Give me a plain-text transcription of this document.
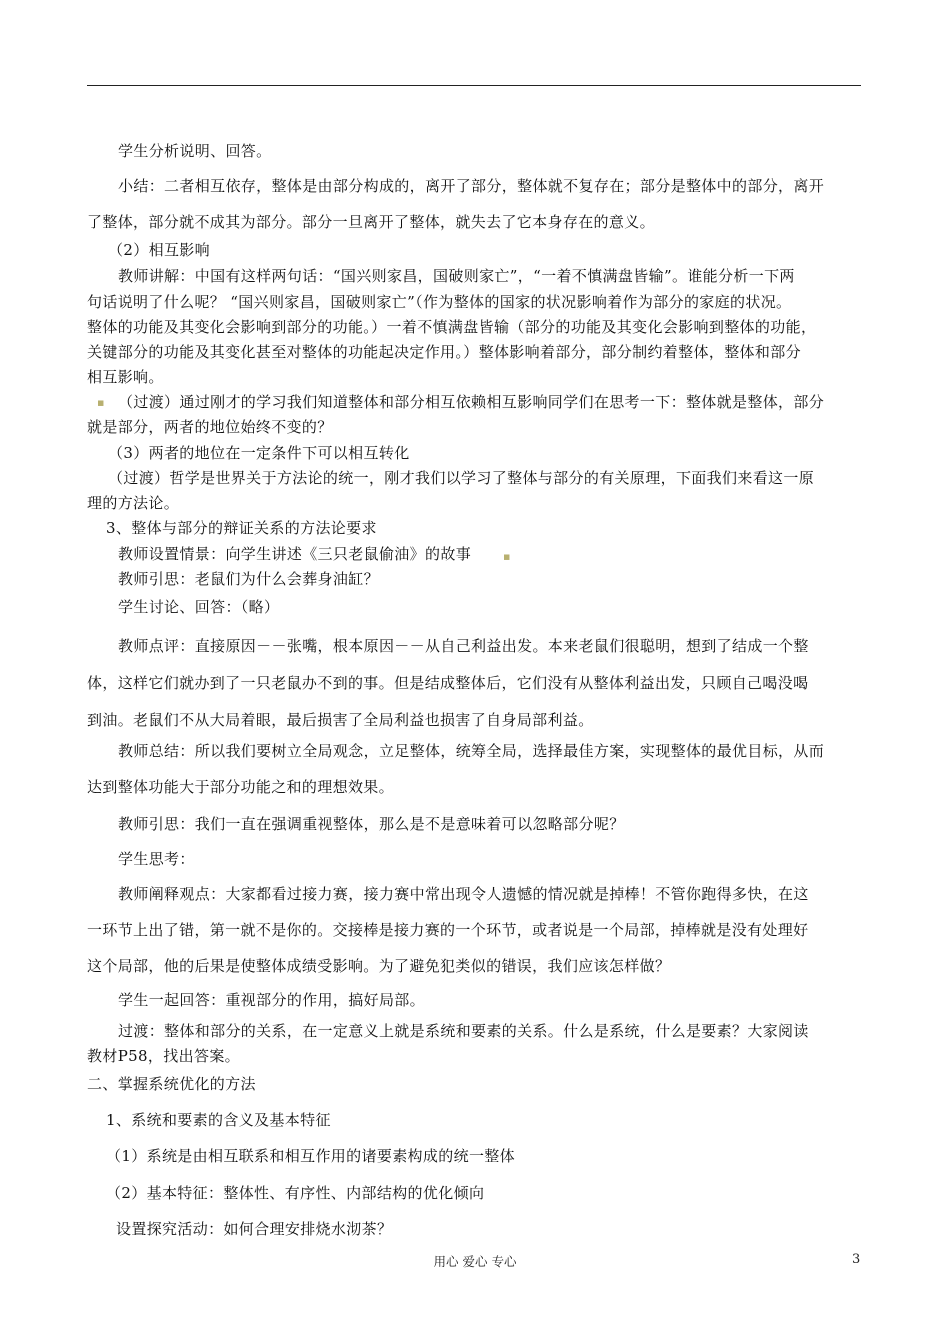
学生分析说明、回答。
小结：二者相互依存，整体是由部分构成的，离开了部分，整体就不复存在；部分是整体中的部分，离开
了整体，部分就不成其为部分。部分一旦离开了整体，就失去了它本身存在的意义。
（2）相互影响
教师讲解：中国有这样两句话：“国兴则家昌，国破则家亡”，“一着不慎满盘皆输”。谁能分析一下两
句话说明了什么呢？ “国兴则家昌，国破则家亡”（作为整体的国家的状况影响着作为部分的家庭的状况。
整体的功能及其变化会影响到部分的功能。）一着不慎满盘皆输（部分的功能及其变化会影响到整体的功能，
关键部分的功能及其变化甚至对整体的功能起决定作用。）整体影响着部分，部分制约着整体，整体和部分
相互影响。
▪ （过渡）通过刚才的学习我们知道整体和部分相互依赖相互影响同学们在思考一下：整体就是整体，部分
就是部分，两者的地位始终不变的？
（3）两者的地位在一定条件下可以相互转化
（过渡）哲学是世界关于方法论的统一，刚才我们以学习了整体与部分的有关原理，下面我们来看这一原
理的方法论。
3、整体与部分的辩证关系的方法论要求
教师设置情景：向学生讲述《三只老鼠偷油》的故事	▪
教师引思：老鼠们为什么会葬身油缸？
学生讨论、回答：（略）
教师点评：直接原因－－张嘴，根本原因－－从自己利益出发。本来老鼠们很聪明，想到了结成一个整
体，这样它们就办到了一只老鼠办不到的事。但是结成整体后，它们没有从整体利益出发，只顾自己喝没喝
到油。老鼠们不从大局着眼，最后损害了全局利益也损害了自身局部利益。
教师总结：所以我们要树立全局观念，立足整体，统筹全局，选择最佳方案，实现整体的最优目标，从而
达到整体功能大于部分功能之和的理想效果。
教师引思：我们一直在强调重视整体，那么是不是意味着可以忽略部分呢？
学生思考：
教师阐释观点：大家都看过接力赛，接力赛中常出现令人遗憾的情况就是掉棒！不管你跑得多快，在这
一环节上出了错，第一就不是你的。交接棒是接力赛的一个环节，或者说是一个局部，掉棒就是没有处理好
这个局部，他的后果是使整体成绩受影响。为了避免犯类似的错误，我们应该怎样做？
学生一起回答：重视部分的作用，搞好局部。
过渡：整体和部分的关系，在一定意义上就是系统和要素的关系。什么是系统，什么是要素？大家阅读
教材P58，找出答案。
二、掌握系统优化的方法
1、系统和要素的含义及基本特征
（1）系统是由相互联系和相互作用的诸要素构成的统一整体
（2）基本特征：整体性、有序性、内部结构的优化倾向
设置探究活动：如何合理安排烧水沏茶？
用心 爱心 专心	3
